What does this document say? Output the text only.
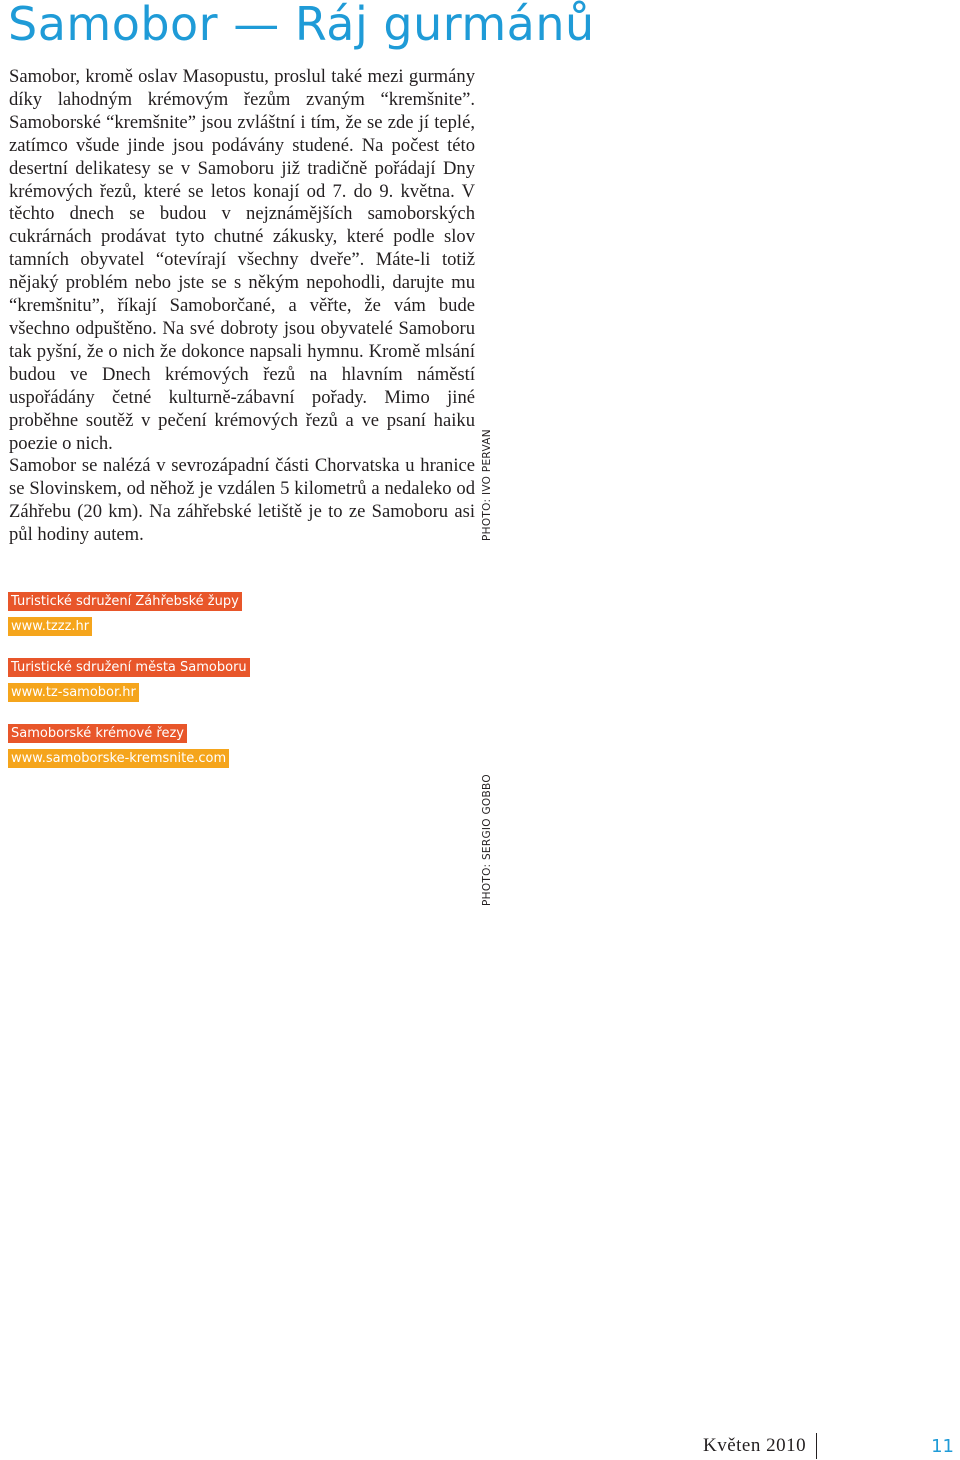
Samobor — Ráj gurmánů

Samobor, kromě oslav Masopustu, proslul také mezi gurmány díky lahodným krémovým řezům zvaným “kremšnite”. Samoborské “kremšnite” jsou zvláštní i tím, že se zde jí teplé, zatímco všude jinde jsou podávány studené. Na počest této desertní delikatesy se v Samoboru již tradičně pořádají Dny krémových řezů, které se letos konají od 7. do 9. května. V těchto dnech se budou v nejznámějších samoborských cukrárnách prodávat tyto chutné zákusky, které podle slov tamních obyvatel “otevírají všechny dveře”. Máte-li totiž nějaký problém nebo jste se s někým nepohodli, darujte mu “kremšnitu”, říkají Samoborčané, a věřte, že vám bude všechno odpuštěno. Na své dobroty jsou obyvatelé Samoboru tak pyšní, že o nich že dokonce napsali hymnu. Kromě mlsání budou ve Dnech krémových řezů na hlavním náměstí uspořádány četné kulturně-zábavní pořady. Mimo jiné proběhne soutěž v pečení krémových řezů a ve psaní haiku poezie o nich.

Samobor se nalézá v sevrozápadní části Chorvatska u hranice se Slovinskem, od něhož je vzdálen 5 kilometrů a nedaleko od Záhřebu (20 km). Na záhřebské letiště je to ze Samoboru asi půl hodiny autem.	PHOTO: IVO PERVAN
PHOTO: SERGIO GOBBO
Turistické sdružení Záhřebské župy
www.tzzz.hr
Turistické sdružení města Samoboru
www.tz-samobor.hr
Samoborské krémové řezy
www.samoborske-kremsnite.com
Květen 2010	11
